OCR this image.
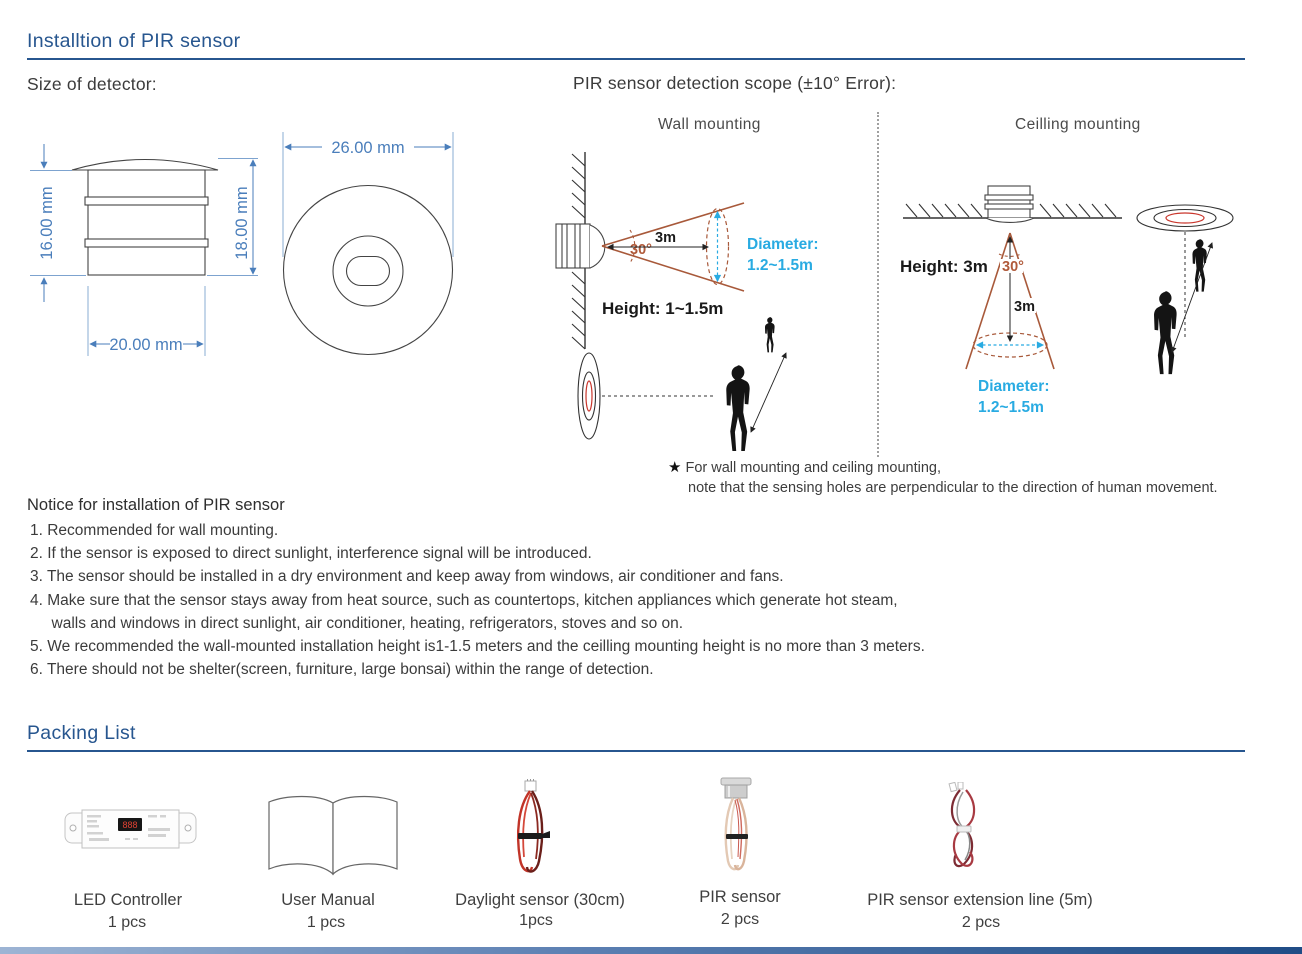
Installtion of PIR sensor
Size of detector:	PIR sensor detection scope (±10° Error):
16.00 mm	18.00 mm
20.00 mm
26.00 mm
Wall mounting	Ceilling mounting
30°
3m	Diameter:
1.2~1.5m
Height: 1~1.5m
30°
3m
Height: 3m
Diameter:
1.2~1.5m
★ For wall mounting and ceiling mounting,
note that the sensing holes are perpendicular to the direction of human movement.
Notice for installation of PIR sensor
1. Recommended for wall mounting.
2. If the sensor is exposed to direct sunlight, interference signal will be introduced.
3. The sensor should be installed in a dry environment and keep away from windows, air conditioner and fans.
4. Make sure that the sensor stays away from heat source, such as countertops, kitchen appliances which generate hot steam,
walls and windows in direct sunlight, air conditioner, heating, refrigerators, stoves and so on.
5. We recommended the wall-mounted installation height is1-1.5 meters and the ceilling mounting height is no more than 3 meters.
6. There should not be shelter(screen, furniture, large bonsai) within the range of detection.
Packing List
888
LED Controller
1 pcs
User Manual
1 pcs
Daylight sensor (30cm)
1pcs
PIR sensor
2 pcs
PIR sensor extension line (5m)
2 pcs
